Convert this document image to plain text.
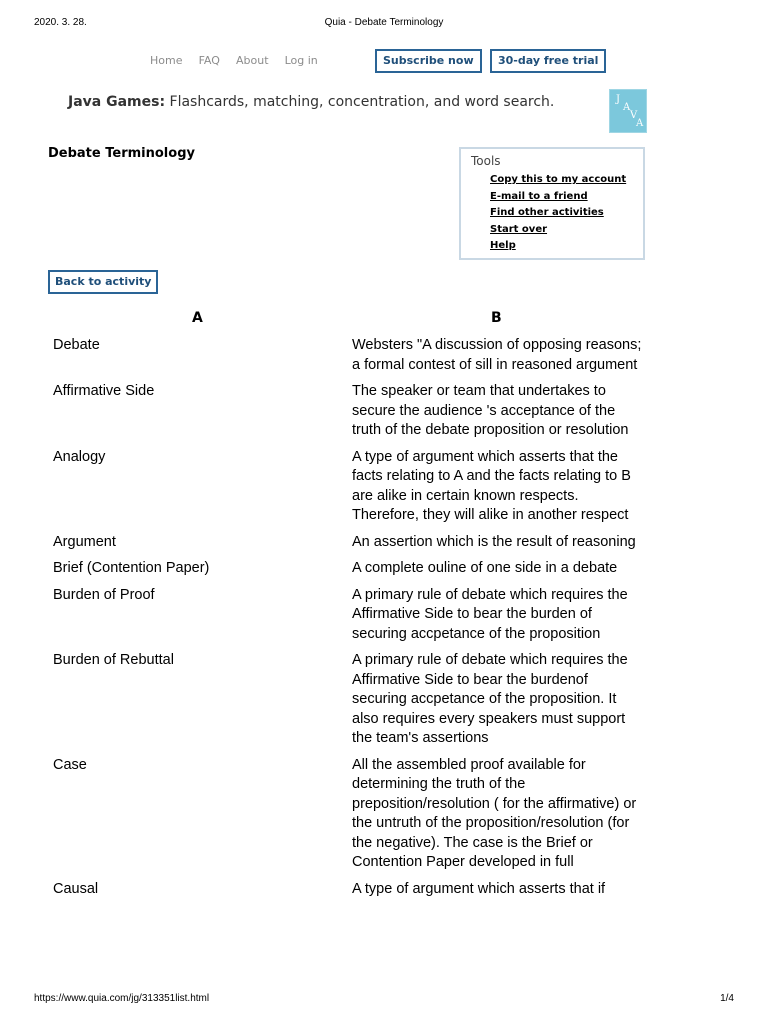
2020. 3. 28.	Quia - Debate Terminology
Home FAQ About Log in	Subscribe now	30-day free trial
Java Games: Flashcards, matching, concentration, and word search.	J
A
V
A
Debate Terminology	Tools
Copy this to my account
E-mail to a friend
Find other activities
Start over
Help
Back to activity
A	B
Debate	Websters "A discussion of opposing reasons; a formal contest of sill in reasoned argument
Affirmative Side	The speaker or team that undertakes to secure the audience 's acceptance of the truth of the debate proposition or resolution
Analogy	A type of argument which asserts that the facts relating to A and the facts relating to B are alike in certain known respects. Therefore, they will alike in another respect
Argument	An assertion which is the result of reasoning
Brief (Contention Paper)	A complete ouline of one side in a debate
Burden of Proof	A primary rule of debate which requires the Affirmative Side to bear the burden of securing accpetance of the proposition
Burden of Rebuttal	A primary rule of debate which requires the Affirmative Side to bear the burdenof securing accpetance of the proposition. It also requires every speakers must support the team's assertions
Case	All the assembled proof available for determining the truth of the preposition/resolution ( for the affirmative) or the untruth of the proposition/resolution (for the negative). The case is the Brief or Contention Paper developed in full
Causal	A type of argument which asserts that if
https://www.quia.com/jg/313351list.html	1/4
